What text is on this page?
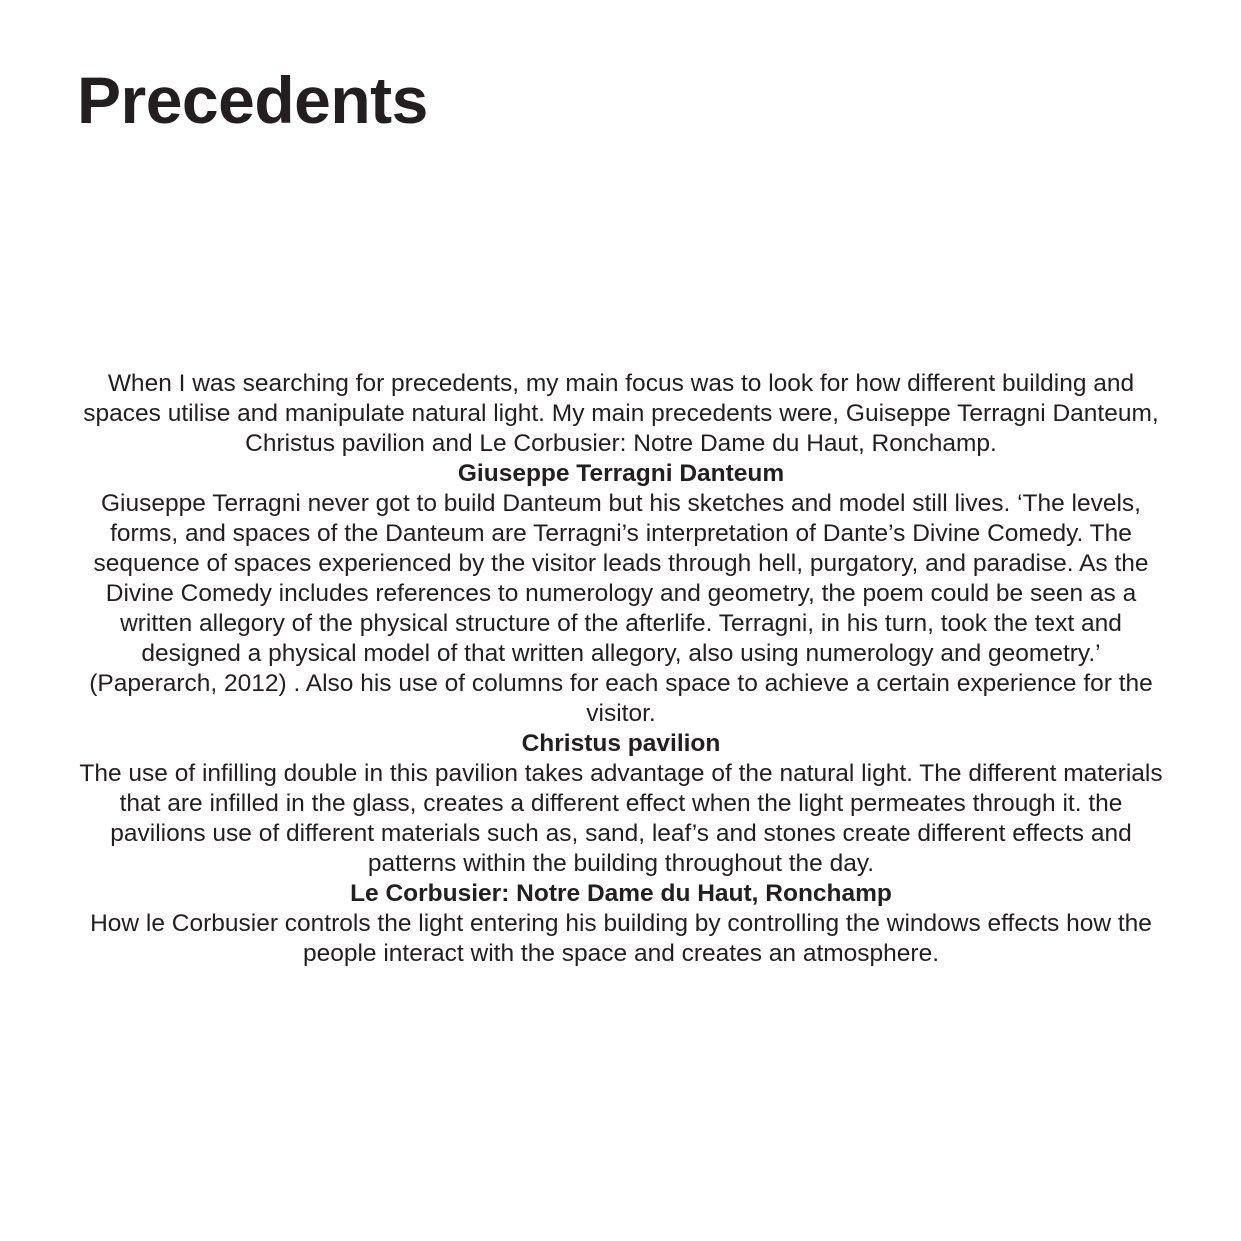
Precedents

When I was searching for precedents, my main focus was to look for how different building and spaces utilise and manipulate natural light. My main precedents were, Guiseppe Terragni Danteum, Christus pavilion and Le Corbusier: Notre Dame du Haut, Ronchamp.

Giuseppe Terragni Danteum

Giuseppe Terragni never got to build Danteum but his sketches and model still lives. ‘The levels, forms, and spaces of the Danteum are Terragni’s interpretation of Dante’s Divine Comedy. The sequence of spaces experienced by the visitor leads through hell, purgatory, and paradise. As the Divine Comedy includes references to numerology and geometry, the poem could be seen as a written allegory of the physical structure of the afterlife. Terragni, in his turn, took the text and designed a physical model of that written allegory, also using numerology and geometry.’ (Paperarch, 2012) . Also his use of columns for each space to achieve a certain experience for the visitor.

Christus pavilion

The use of infilling double in this pavilion takes advantage of the natural light. The different materials that are infilled in the glass, creates a different effect when the light permeates through it. the pavilions use of different materials such as, sand, leaf’s and stones create different effects and patterns within the building throughout the day.

Le Corbusier: Notre Dame du Haut, Ronchamp

How le Corbusier controls the light entering his building by controlling the windows effects how the people interact with the space and creates an atmosphere.
